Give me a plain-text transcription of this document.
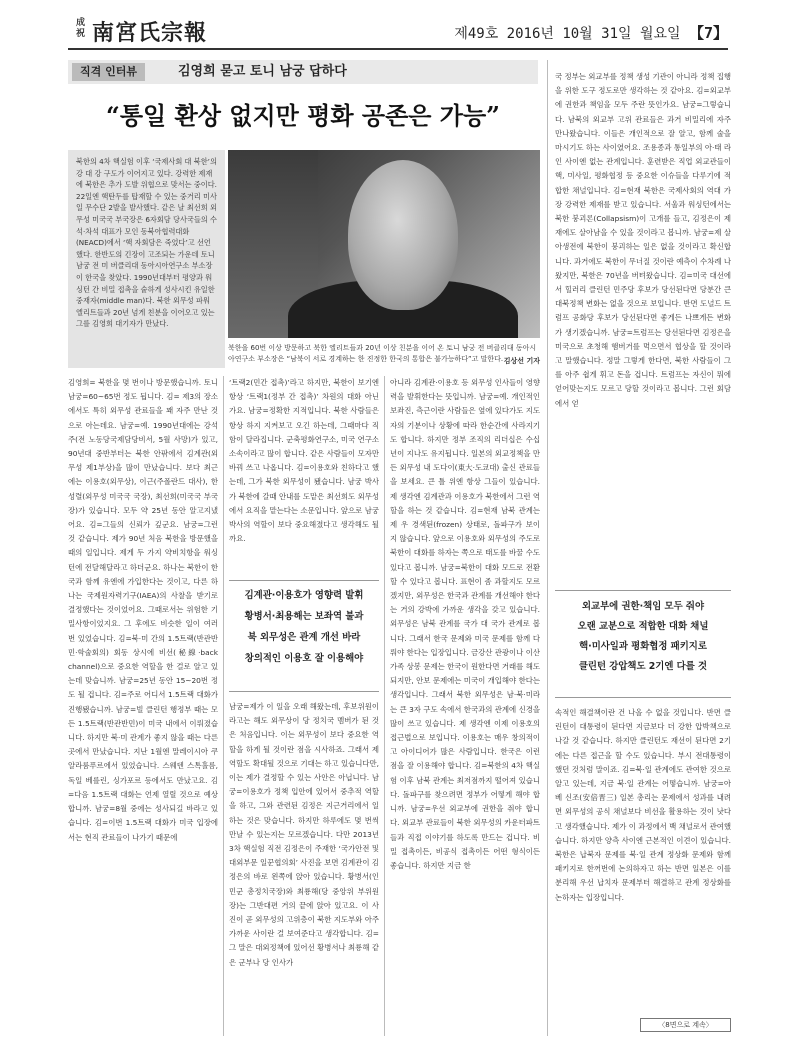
成祝 南宮氏宗報	제49호 2016년 10월 31일 월요일 【7】
직격 인터뷰	김영희 묻고 토니 남궁 답하다
“통일 환상 없지만 평화 공존은 가능”
북한의 4차 핵실험 이후 ‘국제사회 대 북한’의 강 대 강 구도가 이어지고 있다. 강력한 제재에 북한은 추가 도발 위협으로 맞서는 중이다. 22일엔 핵탄두를 탑재할 수 있는 중거리 미사일 무수단 2발을 발사했다. 같은 날 최선희 외무성 미국국 부국장은 6자회담 당사국들의 수석·차석 대표가 모인 동북아협력대화(NEACD)에서 ‘핵 자회담은 죽었다’고 선언했다. 한반도의 긴장이 고조되는 가운데 토니 남궁 전 미 버클리대 동아시아연구소 부소장이 한국을 찾았다. 1990년대부터 평양과 워싱턴 간 비밀 접촉을 숱하게 성사시킨 유일한 중재자(middle man)다. 북한 외무성 파워 엘리트들과 20년 넘게 친분을 이어오고 있는 그를 김영희 대기자가 만났다.
북한을 60번 이상 방문하고 북한 엘리트들과 20년 이상 친분을 이어 온 토니 남궁 전 버클리대 동아시아연구소 부소장은 “남북이 서로 경계하는 한 진정한 한국의 통합은 불가능하다”고 말한다. 김상선 기자

김영희= 북한을 몇 번이나 방문했습니까. 토니 남궁=60~65번 정도 됩니다. 김= 제3의 장소에서도 특히 외무성 관료들을 꽤 자주 만난 것으로 아는데요. 남궁=예. 1990년대에는 강석주(전 노동당국제담당비서, 5월 사망)가 있고, 90년대 중반부터는 북한 안팎에서 김계관(외무성 제1부상)을 많이 만났습니다. 보다 최근에는 이용호(외무상), 이근(주폴란드 대사), 한성렬(외무성 미국국 국장), 최선희(미국국 부국장)가 있습니다. 모두 약 25년 동안 알고지냈어요. 김=그들의 신뢰가 깊군요. 남궁=그런 것 같습니다. 제가 90년 처음 북한을 방문했을 때의 일입니다. 제게 두 가지 약비치항을 워싱턴에 전달해달라고 하더군요. 하나는 북한이 한국과 함께 유엔에 가입한다는 것이고, 다른 하나는 국제원자력기구(IAEA)의 사찰을 받기로 결정했다는 것이었어요. 그때로서는 위험한 기밀사항이었지요. 그 후에도 비슷한 일이 여러 번 있었습니다. 김=북·미 간의 1.5트랙(반관반민·학술회의) 회동 상시에 비선(秘線·back channel)으로 중요한 역할을 한 걸로 알고 있는데 맞습니까. 남궁=25년 동안 15~20번 정도 될 겁니다. 김=주로 어디서 1.5트랙 대화가 진행됐습니까. 남궁=빌 클린턴 행정부 때는 모든 1.5트랙(반관반민)이 미국 내에서 이뤄졌습니다. 하지만 북·미 관계가 좋지 않을 때는 다른 곳에서 만났습니다. 지난 1월엔 말레이시아 쿠알라룸푸르에서 있었습니다. 스웨덴 스톡홀름, 독일 베를린, 싱가포르 등에서도 만났고요. 김=다음 1.5트랙 대화는 언제 열릴 것으로 예상합니까. 남궁=8월 중에는 성사되길 바라고 있습니다. 김=이번 1.5트랙 대화가 미국 입장에서는 현직 관료들이 나가기 때문에

‘트랙2(민간 접촉)’라고 하지만, 북한이 보기엔 항상 ‘트랙1(정부 간 접촉)’ 차원의 대화 아닌가요. 남궁=정확한 지적입니다. 북한 사람들은 항상 하지 지켜보고 오긴 하는데, 그때마다 직함이 달라집니다. 군축평화연구소, 미국 연구소 소속이라고 많이 합니다. 같은 사람들이 모자만 바꿔 쓰고 나옵니다. 김=이용호와 친하다고 했는데, 그가 북한 외무성이 됐습니다. 남궁 박사가 북한에 갈때 안내를 도맡은 최선희도 외무성에서 요직을 맡는다는 소문입니다. 앞으로 남궁 박사의 역할이 보다 중요해졌다고 생각해도 될까요.

김계관·이용호가 영향력 발휘
황병서·최용해는 보좌역 불과
북 외무성은 관계 개선 바라
창의적인 이용호 잘 이용해야

남궁=제가 이 일을 오래 해왔는데, 후보위원이라고는 해도 외무상이 당 정치국 멤버가 된 것은 처음입니다. 이는 외무성이 보다 중요한 역할을 하게 될 것이란 점을 시사하죠. 그래서 제 역할도 확대될 것으로 기대는 하고 있습니다만, 이는 제가 결정할 수 있는 사안은 아닙니다. 남궁=이용호가 정책 입안에 있어서 중추적 역할을 하고, 그와 관련된 김정은 지근거리에서 일하는 것은 맞습니다. 하지만 하루에도 몇 번씩 만날 수 있는지는 모르겠습니다. 다만 2013년 3차 핵실험 직전 김정은이 주재한 ‘국가안전 및 대외부문 일꾼협의회’ 사진을 보면 김계관이 김정은의 바로 왼쪽에 앉아 있습니다. 황병서(인민군 총정치국장)와 최룡해(당 중앙위 부위원장)는 그반대편 거의 끝에 앉아 있고요. 이 사진이 곧 외무성의 고위층이 북한 지도부와 아주 가까운 사이란 걸 보여준다고 생각합니다. 김=그 말은 대외정책에 있어선 황병서나 최룡해 같은 군부나 당 인사가

아니라 김계관·이용호 등 외무성 인사들이 영향력을 발휘한다는 뜻입니까. 남궁=예. 개인적인 보좌진, 측근이란 사람들은 옆에 있다가도 지도자의 기분이나 상황에 따라 한순간에 사라지기도 합니다. 하지만 정부 조직의 리더십은 수십 년이 지나도 유지됩니다. 일본의 외교정책을 만든 외무성 내 도다이(東大·도쿄대) 출신 관료들을 보세요. 큰 틀 위엔 항상 그들이 있습니다. 제 생각엔 김계관과 이용호가 북한에서 그런 역할을 하는 것 같습니다. 김=현재 남북 관계는 제 우 경색된(frozen) 상태로, 돌파구가 보이지 않습니다. 앞으로 이용호와 외무성의 주도로 북한이 대화를 하자는 쪽으로 태도를 바꿀 수도 있다고 봅니까. 남궁=북한이 대화 모드로 전환할 수 있다고 봅니다. 표현이 좀 과할지도 모르겠지만, 외무성은 한국과 관계를 개선해야 한다는 거의 강박에 가까운 생각을 갖고 있습니다. 외무성은 남북 관계를 국가 대 국가 관계로 봅니다. 그래서 한국 문제와 미국 문제를 함께 다뤄야 한다는 입장입니다. 금강산 관광이나 이산가족 상봉 문제는 한국이 원한다면 거래를 해도 되지만, 안보 문제에는 미국이 개입해야 한다는 생각입니다. 그래서 북한 외무성은 남·북·미라는 큰 3자 구도 속에서 한국과의 관계에 신경을 많이 쓰고 있습니다. 제 생각엔 이제 이용호의 접근법으로 보입니다. 이용호는 매우 창의적이고 아이디어가 많은 사람입니다. 한국은 이런 점을 잘 이용해야 합니다. 김=북한의 4차 핵실험 이후 남북 관계는 최저점까지 떨어져 있습니다. 돌파구를 찾으려면 정부가 어떻게 해야 합니까. 남궁=우선 외교부에 권한을 줘야 합니다. 외교부 관료들이 북한 외무성의 카운터파트들과 직접 이야기를 하도록 만드는 겁니다. 비밀 접촉이든, 비공식 접촉이든 어떤 형식이든 좋습니다. 하지만 지금 한

국 정부는 외교부를 정책 생성 기관이 아니라 정책 집행을 위한 도구 정도로만 생각하는 것 같아요. 김=외교부에 권한과 책임을 모두 주란 뜻인가요. 남궁=그렇습니다. 남북의 외교부 고위 관료들은 과거 비밀리에 자주 만나왔습니다. 이들은 개인적으로 잘 알고, 함께 술을 마시기도 하는 사이였어요. 조용종과 통일부의 아·태 라인 사이엔 없는 관계입니다. 훈련받은 직업 외교관들이 핵, 미사일, 평화협정 등 중요한 이슈들을 다루기에 적합한 채널입니다. 김=현재 북한은 국제사회의 역대 가장 강력한 제재를 받고 있습니다. 서울과 워싱턴에서는 북한 붕괴론(Collapsism)이 고개를 들고, 김정은이 제재에도 살아남을 수 있을 것이라고 봅니까. 남궁=제 살아생전에 북한이 붕괴하는 일은 없을 것이라고 확신합니다. 과거에도 북한이 무너질 것이란 예측이 수차례 나왔지만, 북한은 70년을 버텨왔습니다. 김=미국 대선에서 힐러리 클린턴 민주당 후보가 당선된다면 당분간 큰 대북정책 변화는 없을 것으로 보입니다. 반면 도널드 트럼프 공화당 후보가 당선된다면 좋게든 나쁘게든 변화가 생기겠습니까. 남궁=트럼프는 당선된다면 김정은을 미국으로 초청해 햄버거를 먹으면서 협상을 할 것이라고 말했습니다. 정말 그렇게 한다면, 북한 사람들이 그를 아주 쉽게 휘고 돈을 겁니다. 트럼프는 자신이 뭐에 얻어맞는지도 모르고 당할 것이라고 봅니다. 그런 회담에서 얻

외교부에 권한·책임 모두 줘야
오랜 교분으로 적합한 대화 채널
핵·미사일과 평화협정 패키지로
클린턴 강압책도 2기엔 다를 것

속적인 해결책이란 건 나올 수 없을 것입니다. 반면 클린턴이 대통령이 된다면 지금보다 더 강한 압박책으로 나갈 것 같습니다. 하지만 클린턴도 재선이 된다면 2기에는 다른 접근을 할 수도 있습니다. 부시 전대통령이 했던 것처럼 말이죠. 김=북·일 관계에도 관여한 것으로 알고 있는데, 지금 북·일 관계는 어떻습니까. 남궁=아베 신조(安倍晋三) 일본 총리는 문제에서 성과를 내려면 외무성의 공식 채널보다 비선을 활용하는 것이 낫다고 생각했습니다. 제가 이 과정에서 백 채널로서 관여했습니다. 하지만 양측 사이엔 근본적인 이견이 있습니다. 북한은 납북자 문제를 북·일 관계 정상화 문제와 함께 패키지로 한꺼번에 논의하자고 하는 반면 일본은 이를 분리해 우선 납치자 문제부터 해결하고 관계 정상화를 논하자는 입장입니다.

〈8면으로 계속〉
